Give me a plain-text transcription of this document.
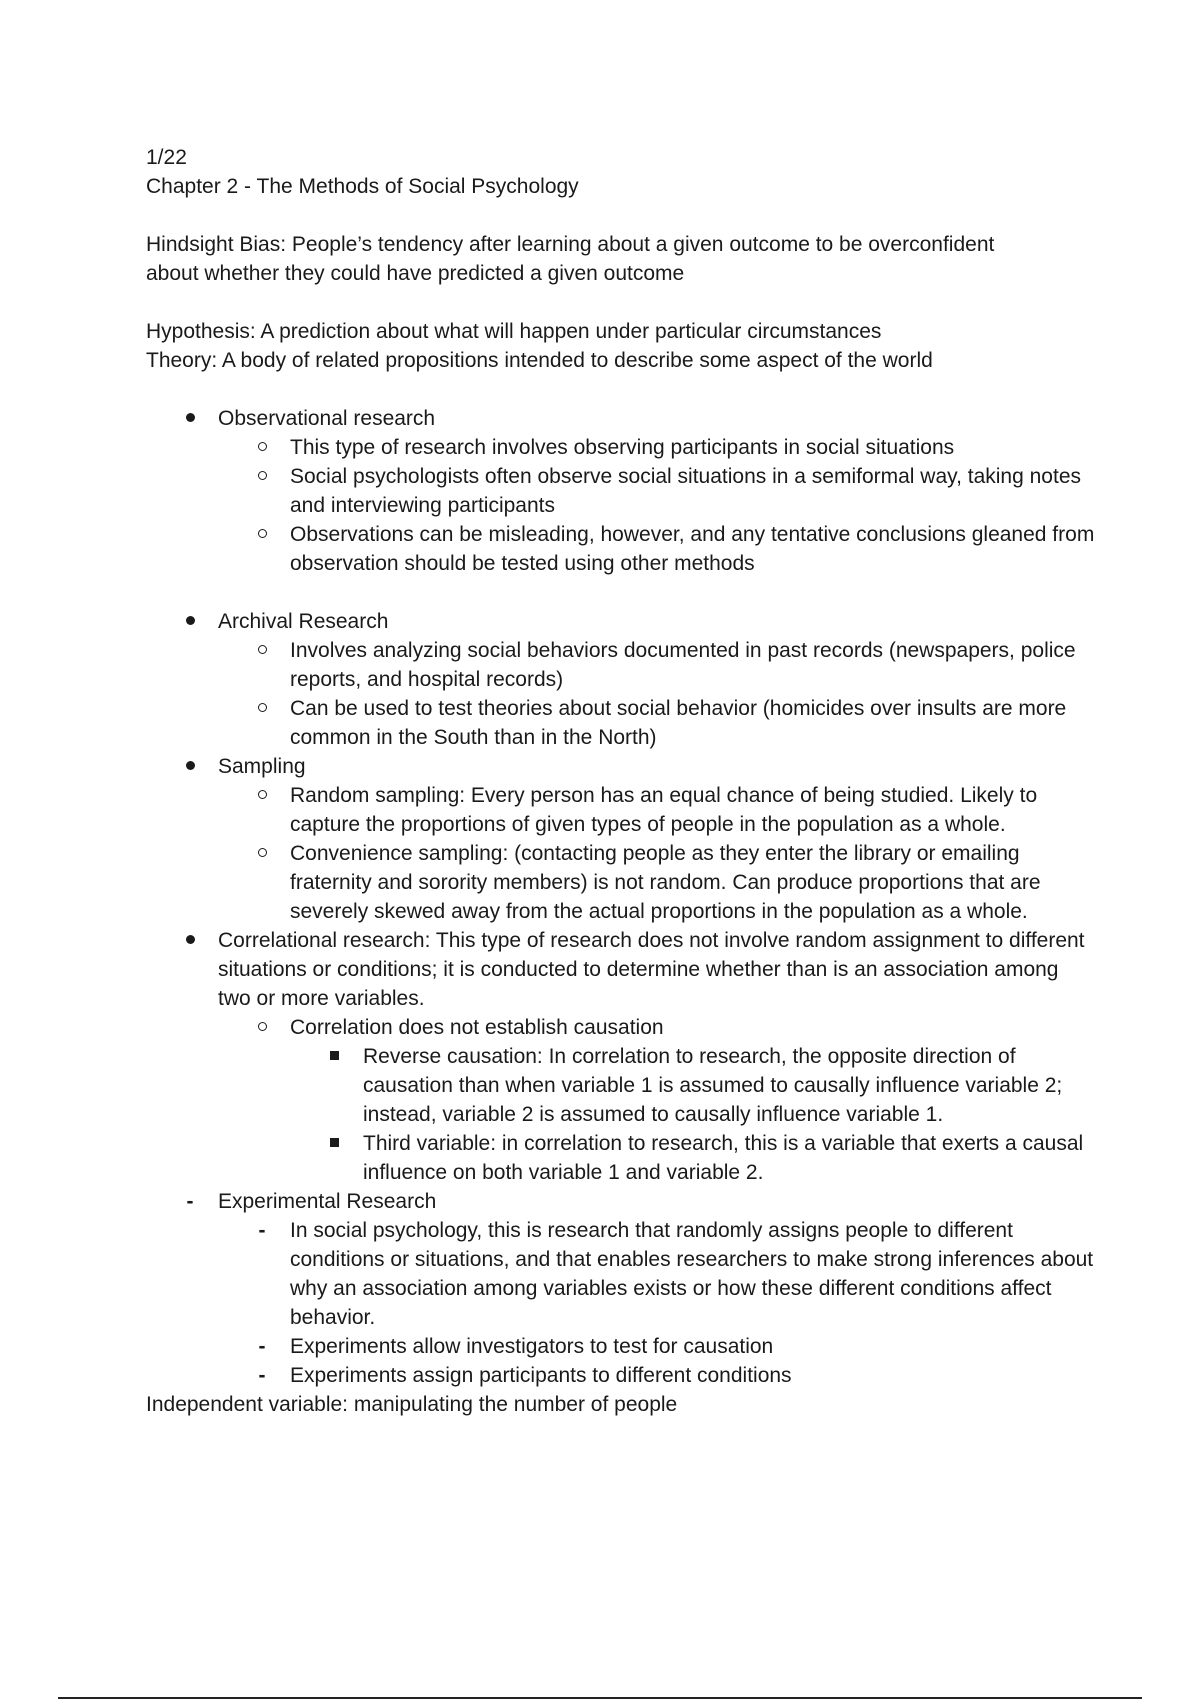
1/22

Chapter 2 - The Methods of Social Psychology

Hindsight Bias: People’s tendency after learning about a given outcome to be overconfident

about whether they could have predicted a given outcome

Hypothesis: A prediction about what will happen under particular circumstances

Theory: A body of related propositions intended to describe some aspect of the world

Observational research
This type of research involves observing participants in social situations
Social psychologists often observe social situations in a semiformal way, taking notes and interviewing participants
Observations can be misleading, however, and any tentative conclusions gleaned from observation should be tested using other methods
Archival Research
Involves analyzing social behaviors documented in past records (newspapers, police reports, and hospital records)
Can be used to test theories about social behavior (homicides over insults are more common in the South than in the North)
Sampling
Random sampling: Every person has an equal chance of being studied. Likely to capture the proportions of given types of people in the population as a whole.
Convenience sampling: (contacting people as they enter the library or emailing fraternity and sorority members) is not random. Can produce proportions that are severely skewed away from the actual proportions in the population as a whole.
Correlational research: This type of research does not involve random assignment to different situations or conditions; it is conducted to determine whether than is an association among two or more variables.
Correlation does not establish causation
Reverse causation: In correlation to research, the opposite direction of causation than when variable 1 is assumed to causally influence variable 2; instead, variable 2 is assumed to causally influence variable 1.
Third variable: in correlation to research, this is a variable that exerts a causal influence on both variable 1 and variable 2.
-	Experimental Research
-	In social psychology, this is research that randomly assigns people to different conditions or situations, and that enables researchers to make strong inferences about why an association among variables exists or how these different conditions affect behavior.
-	Experiments allow investigators to test for causation
-	Experiments assign participants to different conditions

Independent variable: manipulating the number of people
